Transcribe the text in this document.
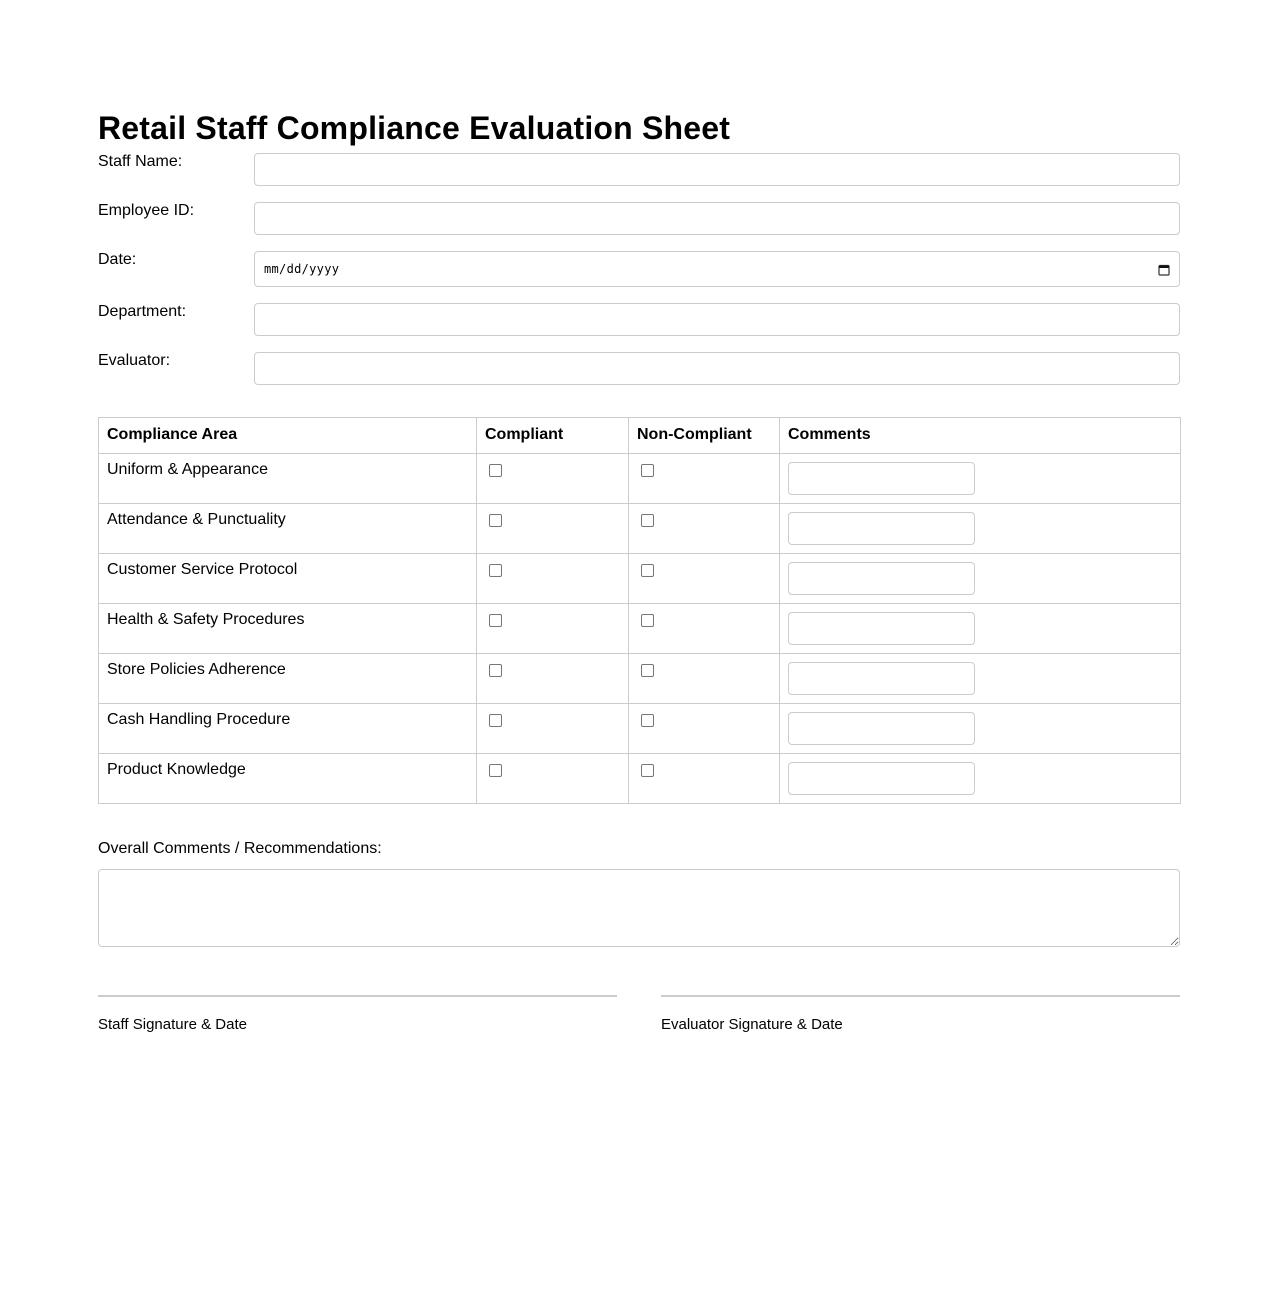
Retail Staff Compliance Evaluation Sheet
Staff Name:
Employee ID:
Date:
mm/dd/yyyy
Department:
Evaluator:
Compliance Area	Compliant	Non-Compliant	Comments
Uniform & Appearance			

Attendance & Punctuality			

Customer Service Protocol			

Health & Safety Procedures			

Store Policies Adherence			

Cash Handling Procedure			

Product Knowledge			
Overall Comments / Recommendations:
Staff Signature & Date	Evaluator Signature & Date
